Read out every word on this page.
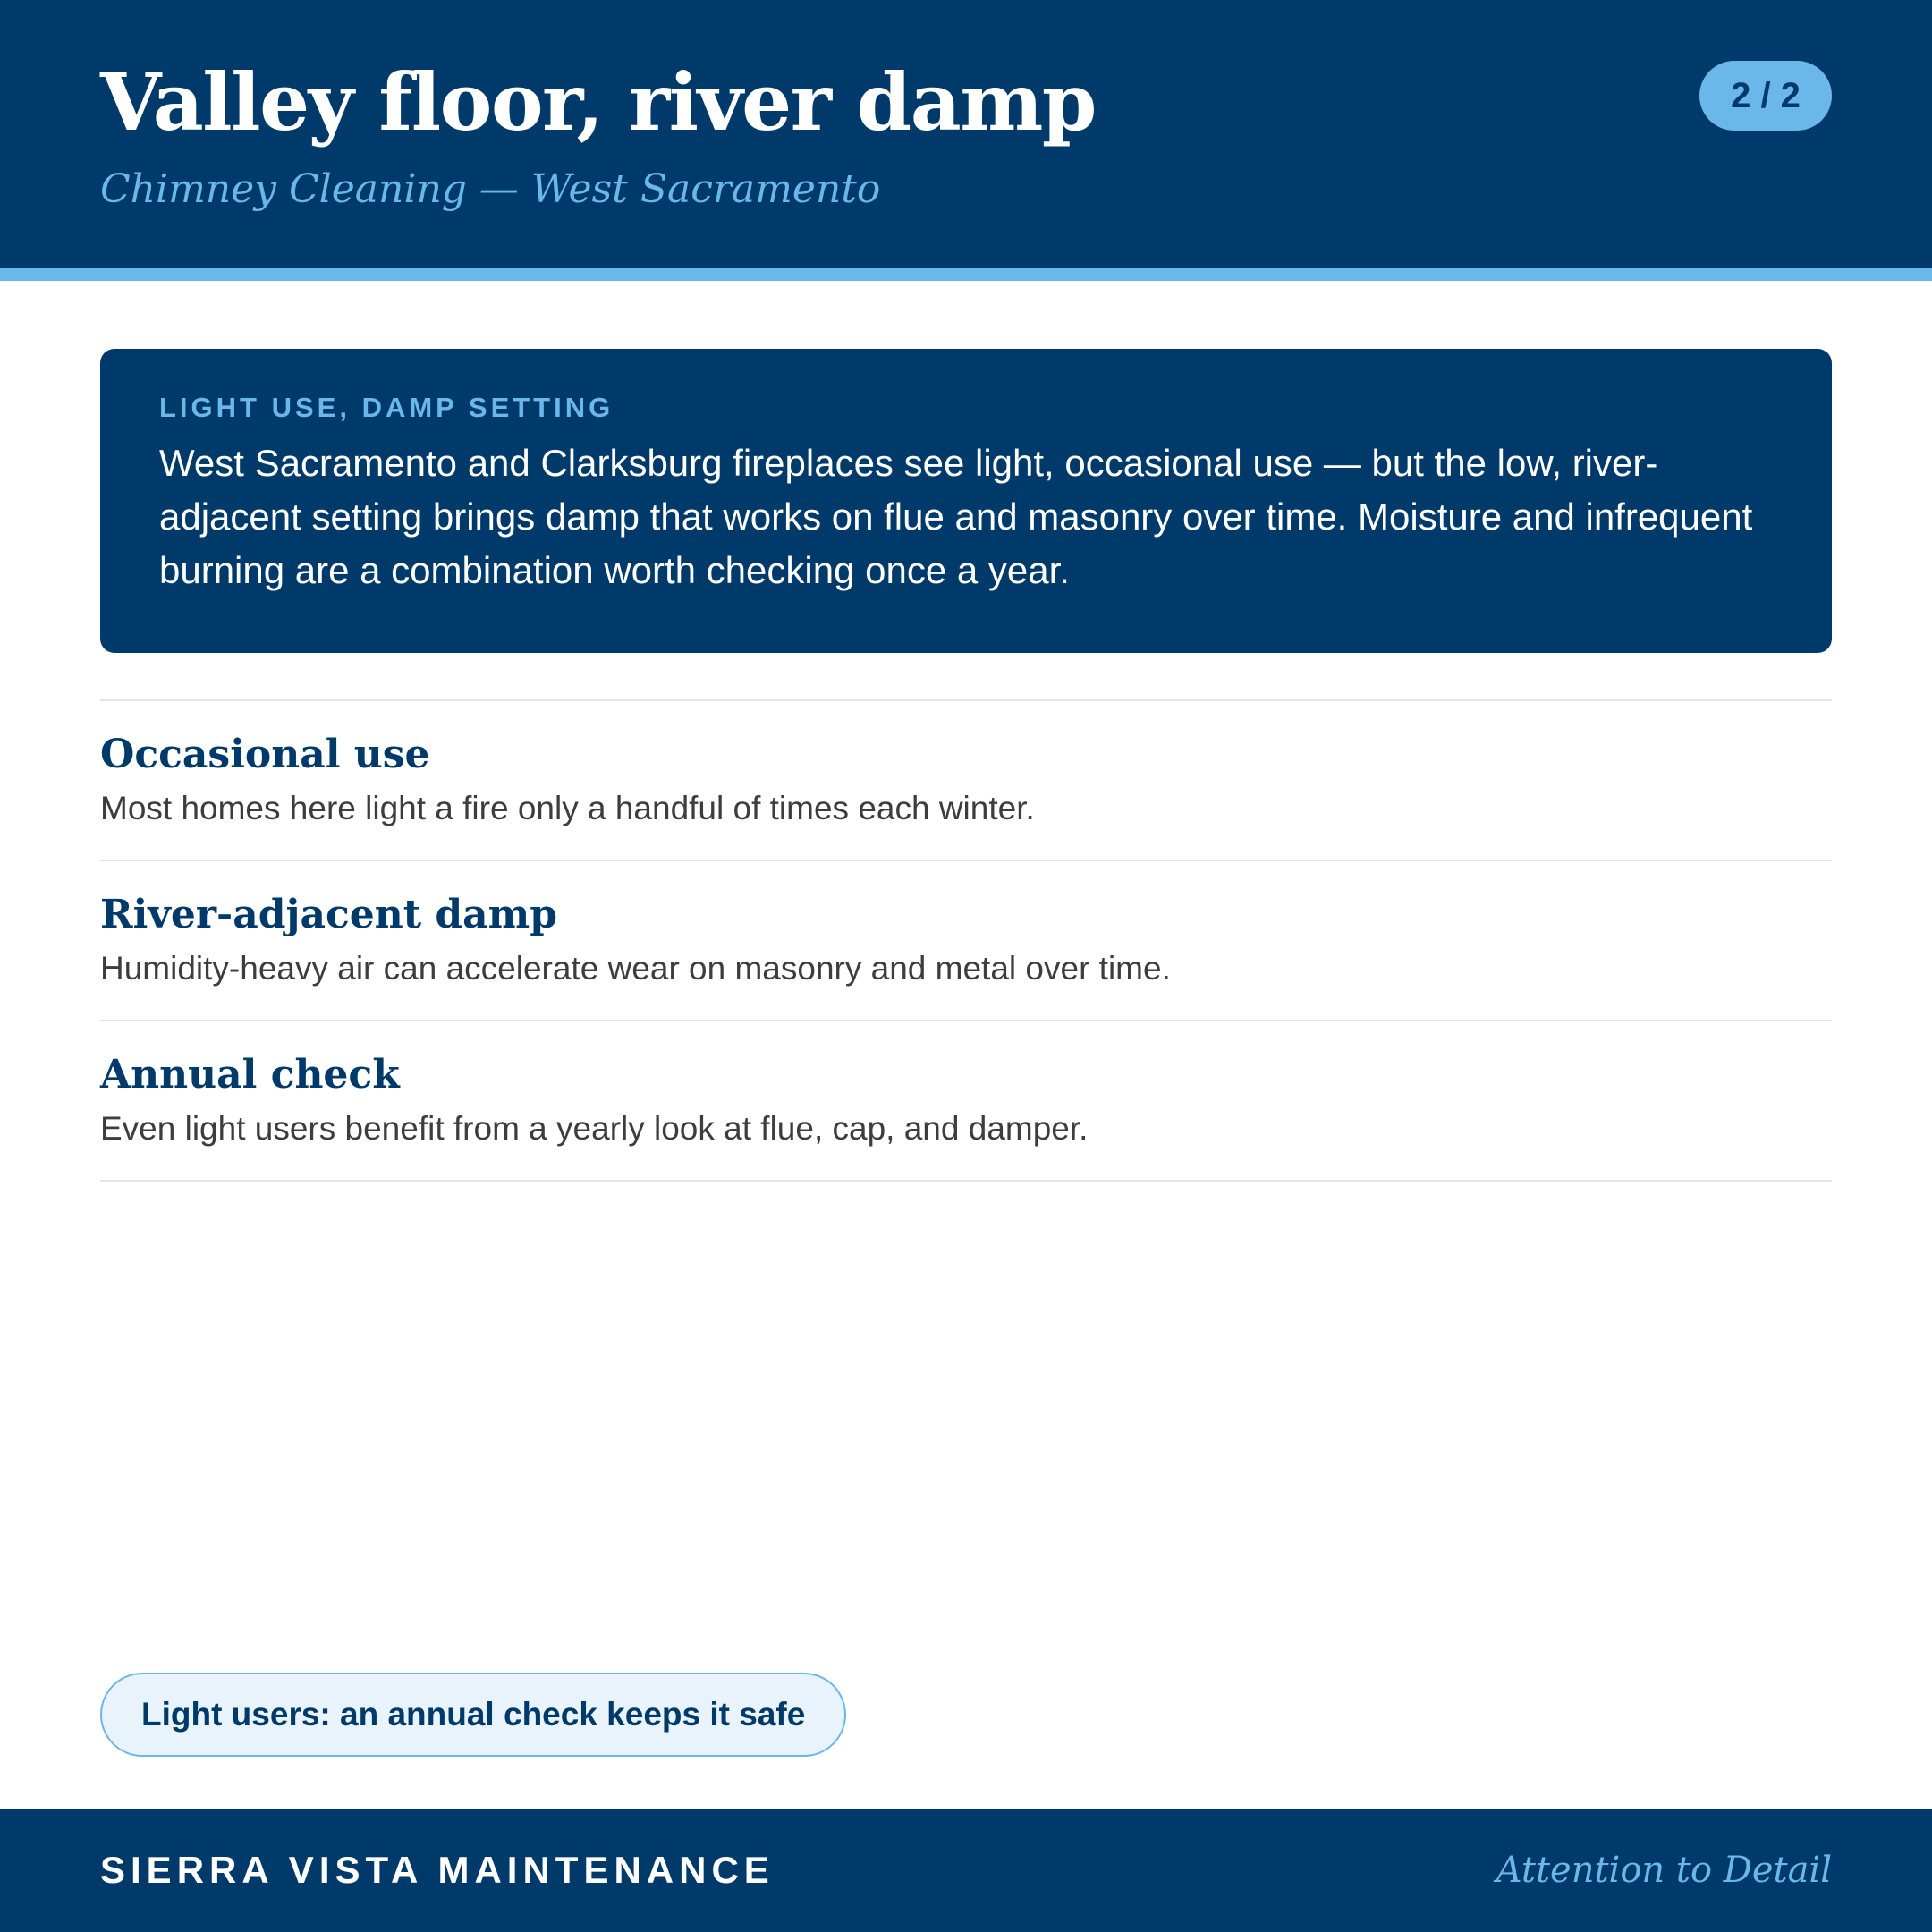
Valley floor, river damp
Chimney Cleaning — West Sacramento
2 / 2
LIGHT USE, DAMP SETTING
West Sacramento and Clarksburg fireplaces see light, occasional use — but the low, river-adjacent setting brings damp that works on flue and masonry over time. Moisture and infrequent burning are a combination worth checking once a year.
Occasional use
Most homes here light a fire only a handful of times each winter.
River-adjacent damp
Humidity-heavy air can accelerate wear on masonry and metal over time.
Annual check
Even light users benefit from a yearly look at flue, cap, and damper.
Light users: an annual check keeps it safe
SIERRA VISTA MAINTENANCE	Attention to Detail
